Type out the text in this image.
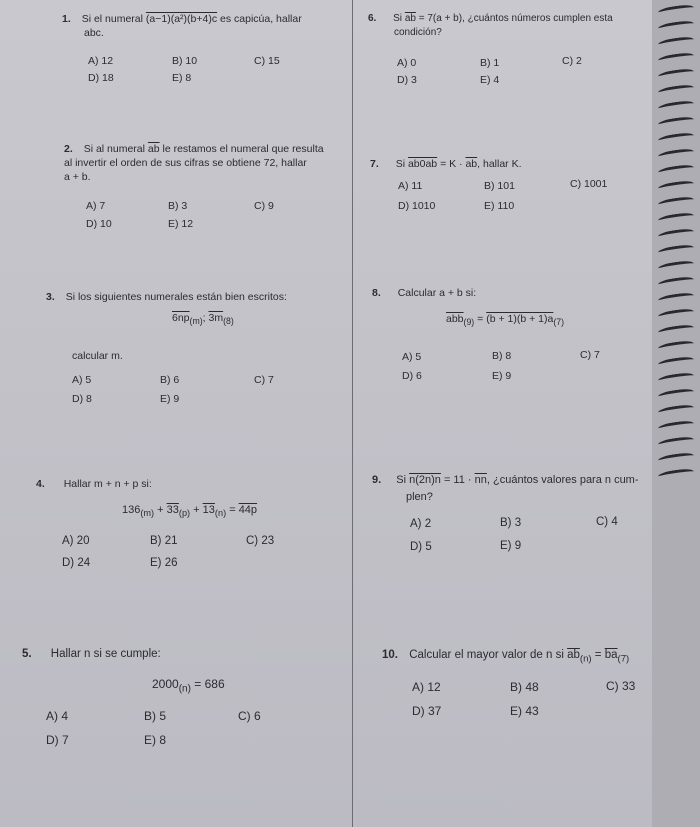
1. Si el numeral (a−1)(a²)(b+4)c es capicúa, hallar
abc.
A) 12	B) 10	C) 15
D) 18	E) 8
2. Si al numeral $\overline{ab}$ le restamos el numeral que resulta
al invertir el orden de sus cifras se obtiene 72, hallar
a + b.
A) 7	B) 3	C) 9
D) 10	E) 12
3. Si los siguientes numerales están bien escritos:
$6np_{(m)}$; $3m_{(8)}$
calcular m.
A) 5	B) 6	C) 7
D) 8	E) 9
4. Hallar m + n + p si:
$136_{(m)} + 33_{(p)} + 13_{(n)} = 44p$
A) 20	B) 21	C) 23
D) 24	E) 26
5. Hallar n si se cumple:
$2000_{(n)} = 686$
A) 4	B) 5	C) 6
D) 7	E) 8
6. Si $\overline{ab} = 7(a + b)$, ¿cuántos números cumplen esta
condición?
A) 0	B) 1	C) 2
D) 3	E) 4
7. Si $ab0ab = K \cdot \overline{ab}$, hallar K.
A) 11	B) 101	C) 1001
D) 1010	E) 110
8. Calcular a + b si:
$\overline{abb}_{(9)} = (b + 1)(b + 1)a_{(7)}$
A) 5	B) 8	C) 7
D) 6	E) 9
9. Si $n(2n)n = 11 \cdot \overline{nn}$, ¿cuántos valores para n cum-
plen?
A) 2	B) 3	C) 4
D) 5	E) 9
10. Calcular el mayor valor de n si $\overline{ab}_{(n)} = \overline{ba}_{(7)}$
A) 12	B) 48	C) 33
D) 37	E) 43
